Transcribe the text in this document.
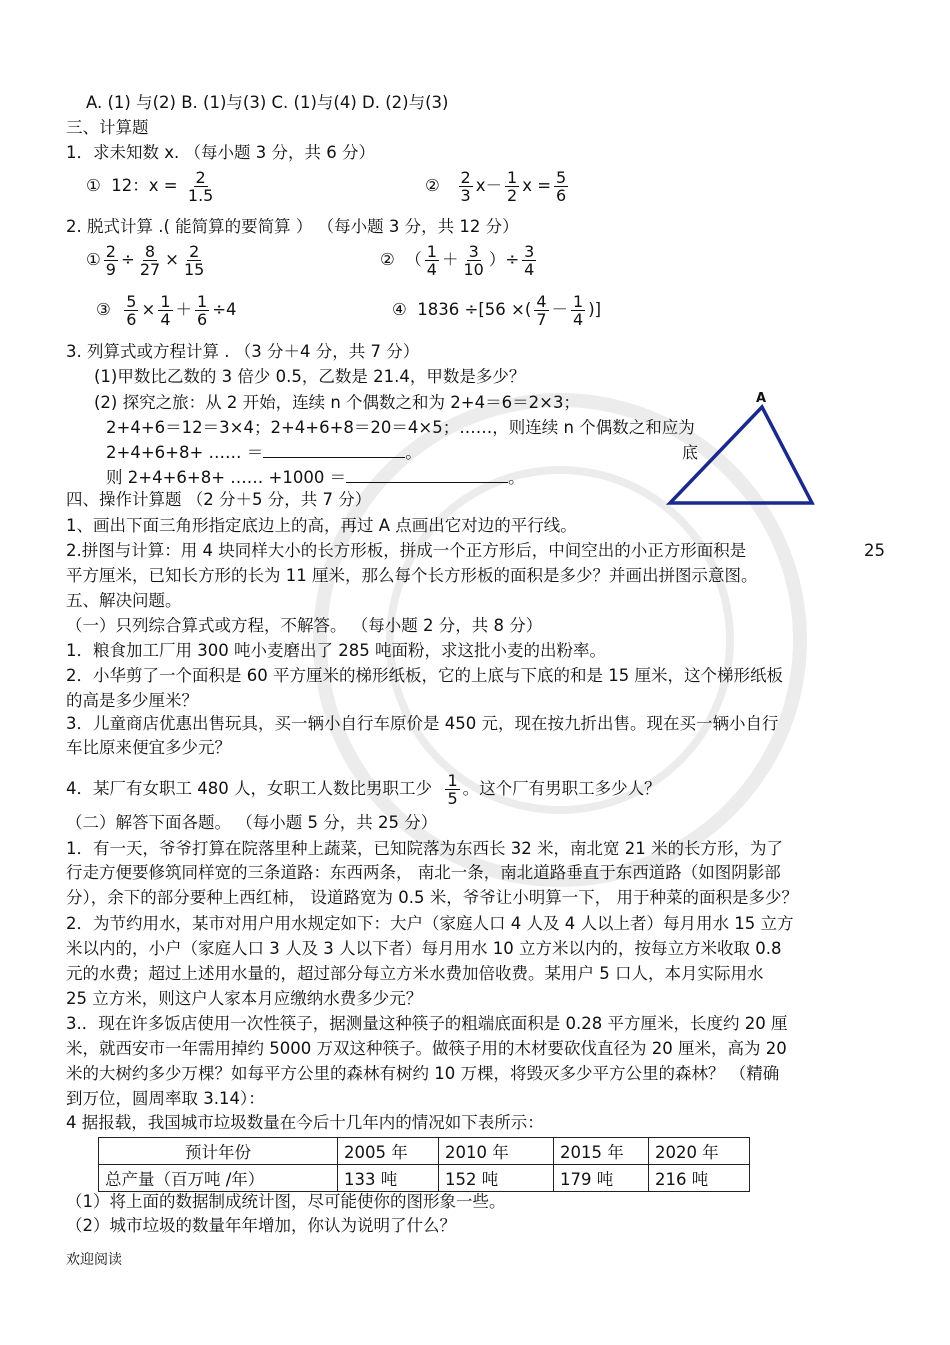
A. (1) 与(2) B. (1)与(3) C. (1)与(4) D. (2)与(3)
三、计算题
1．求未知数 x. （每小题 3 分，共 6 分）
① 12：$x = \frac{2}{1.5}$	② $\frac{2}{3} x- \frac{1}{2}$ $x = \frac{5}{6}$
2. 脱式计算 .( 能简算的要简算 ） （每小题 3 分，共 12 分）
① $\frac{2}{9} \div \frac{8}{27} \times \frac{2}{15}$	② （ $\frac{1}{4} + \frac{3}{10}$ ）÷ $\frac{3}{4}$
③ $\frac{5}{6} \times \frac{1}{4} + \frac{1}{6} \div 4$	④ 1836 ÷[56 ×( $\frac{4}{7} - \frac{1}{4}$ )]
3. 列算式或方程计算 . （3 分＋4 分，共 7 分）
(1)甲数比乙数的 3 倍少 0.5，乙数是 21.4，甲数是多少？
(2) 探究之旅：从 2 开始，连续 n 个偶数之和为 2+4＝6＝2×3；
2+4+6＝12＝3×4；2+4+6+8＝20＝4×5；……，则连续 n 个偶数之和应为
2+4+6+8+ …… ＝	。
则 2+4+6+8+ …… +1000 ＝	。
A
底
四、操作计算题 （2 分＋5 分，共 7 分）
1、画出下面三角形指定底边上的高，再过 A 点画出它对边的平行线。
2.拼图与计算：用 4 块同样大小的长方形板，拼成一个正方形后，中间空出的小正方形面积是	25
平方厘米，已知长方形的长为 11 厘米，那么每个长方形板的面积是多少？并画出拼图示意图。
五、解决问题。
（一）只列综合算式或方程，不解答。 （每小题 2 分，共 8 分）
1．粮食加工厂用 300 吨小麦磨出了 285 吨面粉，求这批小麦的出粉率。
2．小华剪了一个面积是 60 平方厘米的梯形纸板，它的上底与下底的和是 15 厘米，这个梯形纸板
的高是多少厘米？
3．儿童商店优惠出售玩具，买一辆小自行车原价是 450 元，现在按九折出售。现在买一辆小自行
车比原来便宜多少元？
4．某厂有女职工 480 人，女职工人数比男职工少 $\frac{1}{5}$ 。这个厂有男职工多少人？
（二）解答下面各题。 （每小题 5 分，共 25 分）
1．有一天，爷爷打算在院落里种上蔬菜，已知院落为东西长 32 米，南北宽 21 米的长方形，为了
行走方便要修筑同样宽的三条道路：东西两条， 南北一条，南北道路垂直于东西道路（如图阴影部
分），余下的部分要种上西红柿， 设道路宽为 0.5 米，爷爷让小明算一下， 用于种菜的面积是多少？
2．为节约用水，某市对用户用水规定如下：大户（家庭人口 4 人及 4 人以上者）每月用水 15 立方
米以内的，小户（家庭人口 3 人及 3 人以下者）每月用水 10 立方米以内的，按每立方米收取 0.8
元的水费；超过上述用水量的，超过部分每立方米水费加倍收费。某用户 5 口人，本月实际用水
25 立方米，则这户人家本月应缴纳水费多少元？
3.．现在许多饭店使用一次性筷子，据测量这种筷子的粗端底面积是 0.28 平方厘米，长度约 20 厘
米，就西安市一年需用掉约 5000 万双这种筷子。做筷子用的木材要砍伐直径为 20 厘米，高为 20
米的大树约多少万棵？如每平方公里的森林有树约 10 万棵，将毁灭多少平方公里的森林？ （精确
到万位，圆周率取 3.14）：
4 据报载，我国城市垃圾数量在今后十几年内的情况如下表所示：
预计年份	2005 年	2010 年	2015 年	2020 年
总产量（百万吨 /年）	133 吨	152 吨	179 吨	216 吨
（1）将上面的数据制成统计图，尽可能使你的图形象一些。
（2）城市垃圾的数量年年增加，你认为说明了什么？
欢迎阅读
